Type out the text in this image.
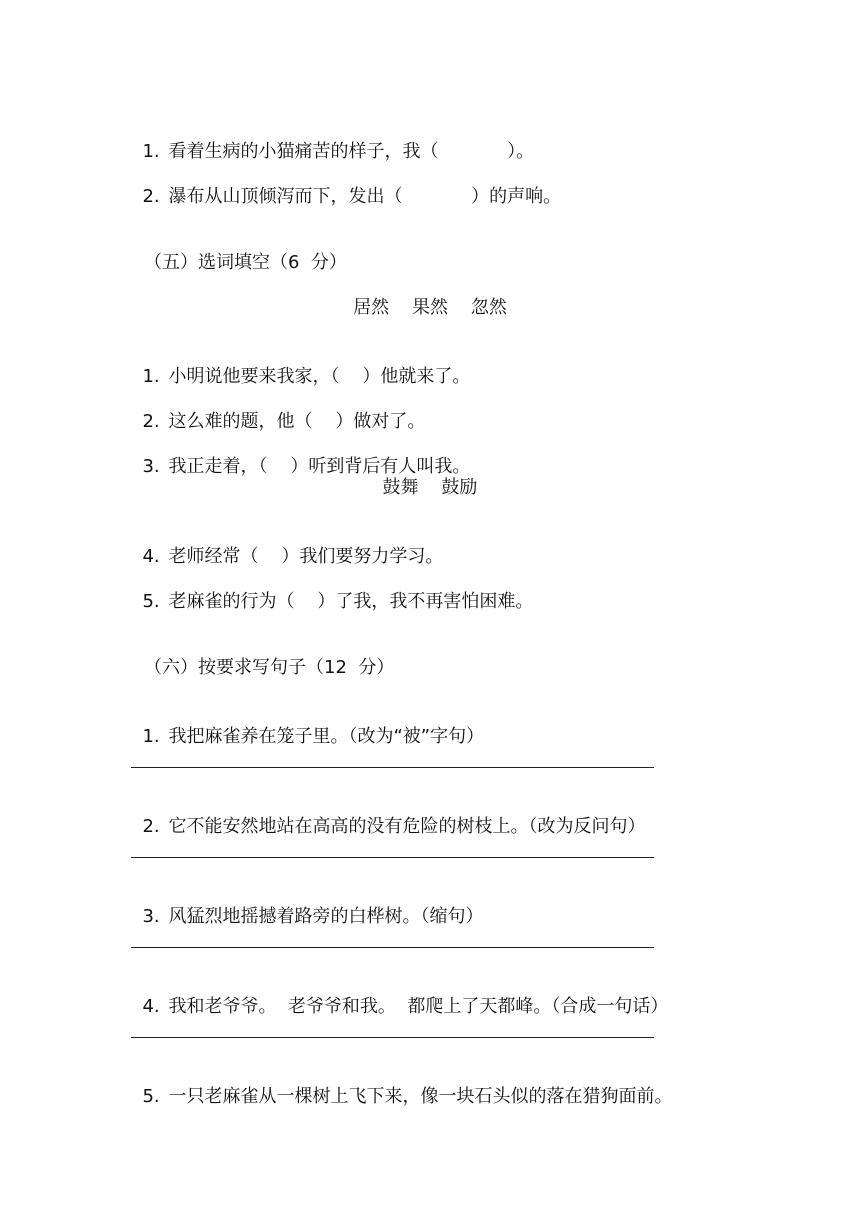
1. 看着生病的小猫痛苦的样子，我（            ）。

2. 瀑布从山顶倾泻而下，发出（            ）的声响。

（五）选词填空（6  分）
居然    果然    忽然

1. 小明说他要来我家，（    ）他就来了。

2. 这么难的题，他（    ）做对了。

3. 我正走着，（    ）听到背后有人叫我。

鼓舞    鼓励

4. 老师经常（    ）我们要努力学习。

5. 老麻雀的行为（    ）了我，我不再害怕困难。

（六）按要求写句子（12  分）

1. 我把麻雀养在笼子里。（改为“被”字句）

2. 它不能安然地站在高高的没有危险的树枝上。（改为反问句）

3. 风猛烈地摇撼着路旁的白桦树。（缩句）

4. 我和老爷爷。  老爷爷和我。  都爬上了天都峰。（合成一句话）

5. 一只老麻雀从一棵树上飞下来，像一块石头似的落在猎狗面前。
